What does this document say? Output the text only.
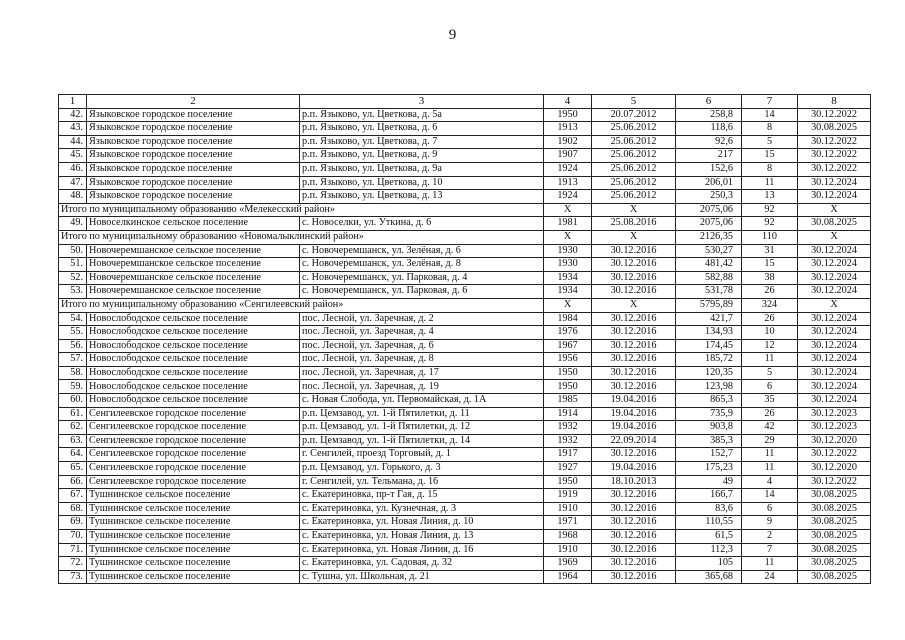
9
1	2	3	4	5	6	7	8
42.	Языковское городское поселение	р.п. Языково, ул. Цветкова, д. 5а	1950	20.07.2012	258,8	14	30.12.2022
43.	Языковское городское поселение	р.п. Языково, ул. Цветкова, д. 6	1913	25.06.2012	118,6	8	30.08.2025
44.	Языковское городское поселение	р.п. Языково, ул. Цветкова, д. 7	1902	25.06.2012	92,6	5	30.12.2022
45.	Языковское городское поселение	р.п. Языково, ул. Цветкова, д. 9	1907	25.06.2012	217	15	30.12.2022
46.	Языковское городское поселение	р.п. Языково, ул. Цветкова, д. 9а	1924	25.06.2012	152,6	8	30.12.2022
47.	Языковское городское поселение	р.п. Языково, ул. Цветкова, д. 10	1913	25.06.2012	206,01	11	30.12.2024
48.	Языковское городское поселение	р.п. Языково, ул. Цветкова, д. 13	1924	25.06.2012	250,3	13	30.12.2024
Итого по муниципальному образованию «Мелекесский район»			X	X	2075,06	92	X
49.	Новоселкинское сельское поселение	с. Новоселки, ул. Уткина, д. 6	1981	25.08.2016	2075,06	92	30.08.2025
Итого по муниципальному образованию «Новомалыклинский район»			X	X	2126,35	110	X
50.	Новочеремшанское сельское поселение	с. Новочеремшанск, ул. Зелёная, д. 6	1930	30.12.2016	530,27	31	30.12.2024
51.	Новочеремшанское сельское поселение	с. Новочеремшанск, ул. Зелёная, д. 8	1930	30.12.2016	481,42	15	30.12.2024
52.	Новочеремшанское сельское поселение	с. Новочеремшанск, ул. Парковая, д. 4	1934	30.12.2016	582,88	38	30.12.2024
53.	Новочеремшанское сельское поселение	с. Новочеремшанск, ул. Парковая, д. 6	1934	30.12.2016	531,78	26	30.12.2024
Итого по муниципальному образованию «Сенгилеевский район»			X	X	5795,89	324	X
54.	Новослободское сельское поселение	пос. Лесной, ул. Заречная, д. 2	1984	30.12.2016	421,7	26	30.12.2024
55.	Новослободское сельское поселение	пос. Лесной, ул. Заречная, д. 4	1976	30.12.2016	134,93	10	30.12.2024
56.	Новослободское сельское поселение	пос. Лесной, ул. Заречная, д. 6	1967	30.12.2016	174,45	12	30.12.2024
57.	Новослободское сельское поселение	пос. Лесной, ул. Заречная, д. 8	1956	30.12.2016	185,72	11	30.12.2024
58.	Новослободское сельское поселение	пос. Лесной, ул. Заречная, д. 17	1950	30.12.2016	120,35	5	30.12.2024
59.	Новослободское сельское поселение	пос. Лесной, ул. Заречная, д. 19	1950	30.12.2016	123,98	6	30.12.2024
60.	Новослободское сельское поселение	с. Новая Слобода, ул. Первомайская, д. 1А	1985	19.04.2016	865,3	35	30.12.2024
61.	Сенгилеевское городское поселение	р.п. Цемзавод, ул. 1-й Пятилетки, д. 11	1914	19.04.2016	735,9	26	30.12.2023
62.	Сенгилеевское городское поселение	р.п. Цемзавод, ул. 1-й Пятилетки, д. 12	1932	19.04.2016	903,8	42	30.12.2023
63.	Сенгилеевское городское поселение	р.п. Цемзавод, ул. 1-й Пятилетки, д. 14	1932	22.09.2014	385,3	29	30.12.2020
64.	Сенгилеевское городское поселение	г. Сенгилей, проезд Торговый, д. 1	1917	30.12.2016	152,7	11	30.12.2022
65.	Сенгилеевское городское поселение	р.п. Цемзавод, ул. Горького, д. 3	1927	19.04.2016	175,23	11	30.12.2020
66.	Сенгилеевское городское поселение	г. Сенгилей, ул. Тельмана, д. 16	1950	18.10.2013	49	4	30.12.2022
67.	Тушнинское сельское поселение	с. Екатериновка, пр-т Гая, д. 15	1919	30.12.2016	166,7	14	30.08.2025
68.	Тушнинское сельское поселение	с. Екатериновка, ул. Кузнечная, д. 3	1910	30.12.2016	83,6	6	30.08.2025
69.	Тушнинское сельское поселение	с. Екатериновка, ул. Новая Линия, д. 10	1971	30.12.2016	110,55	9	30.08.2025
70.	Тушнинское сельское поселение	с. Екатериновка, ул. Новая Линия, д. 13	1968	30.12.2016	61,5	2	30.08.2025
71.	Тушнинское сельское поселение	с. Екатериновка, ул. Новая Линия, д. 16	1910	30.12.2016	112,3	7	30.08.2025
72.	Тушнинское сельское поселение	с. Екатериновка, ул. Садовая, д. 32	1969	30.12.2016	105	11	30.08.2025
73.	Тушнинское сельское поселение	с. Тушна, ул. Школьная, д. 21	1964	30.12.2016	365,68	24	30.08.2025
